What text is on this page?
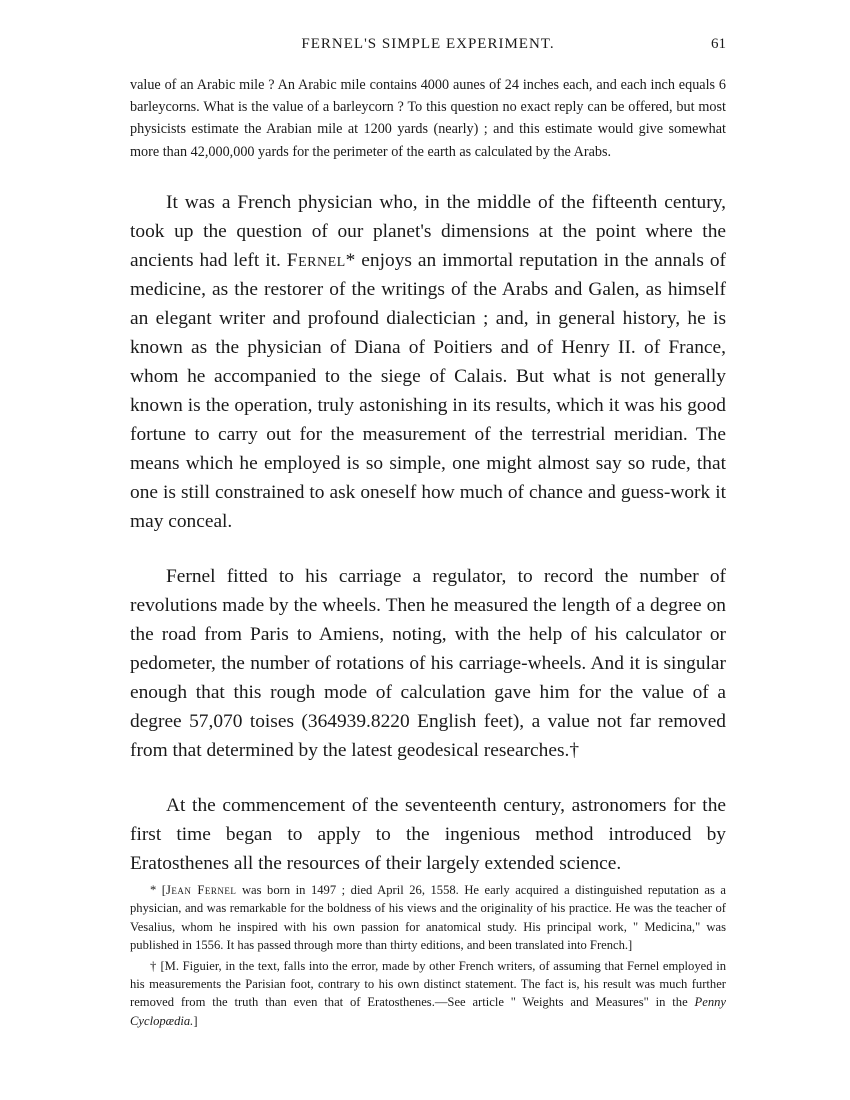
FERNEL'S SIMPLE EXPERIMENT.	61

value of an Arabic mile ? An Arabic mile contains 4000 aunes of 24 inches each, and each inch equals 6 barleycorns. What is the value of a barleycorn ? To this question no exact reply can be offered, but most physicists estimate the Arabian mile at 1200 yards (nearly) ; and this estimate would give somewhat more than 42,000,000 yards for the perimeter of the earth as calculated by the Arabs.

It was a French physician who, in the middle of the fifteenth century, took up the question of our planet's dimensions at the point where the ancients had left it. Fernel* enjoys an immortal reputation in the annals of medicine, as the restorer of the writings of the Arabs and Galen, as himself an elegant writer and profound dialectician ; and, in general history, he is known as the physician of Diana of Poitiers and of Henry II. of France, whom he accompanied to the siege of Calais. But what is not generally known is the operation, truly astonishing in its results, which it was his good fortune to carry out for the measurement of the terrestrial meridian. The means which he employed is so simple, one might almost say so rude, that one is still constrained to ask oneself how much of chance and guess-work it may conceal.

Fernel fitted to his carriage a regulator, to record the number of revolutions made by the wheels. Then he measured the length of a degree on the road from Paris to Amiens, noting, with the help of his calculator or pedometer, the number of rotations of his carriage-wheels. And it is singular enough that this rough mode of calculation gave him for the value of a degree 57,070 toises (364939.8220 English feet), a value not far removed from that determined by the latest geodesical researches.†

At the commencement of the seventeenth century, astronomers for the first time began to apply to the ingenious method introduced by Eratosthenes all the resources of their largely extended science.

* [Jean Fernel was born in 1497 ; died April 26, 1558. He early acquired a distinguished reputation as a physician, and was remarkable for the boldness of his views and the originality of his practice. He was the teacher of Vesalius, whom he inspired with his own passion for anatomical study. His principal work, " Medicina," was published in 1556. It has passed through more than thirty editions, and been translated into French.]

† [M. Figuier, in the text, falls into the error, made by other French writers, of assuming that Fernel employed in his measurements the Parisian foot, contrary to his own distinct statement. The fact is, his result was much further removed from the truth than even that of Eratosthenes.—See article " Weights and Measures" in the Penny Cyclopædia.]
